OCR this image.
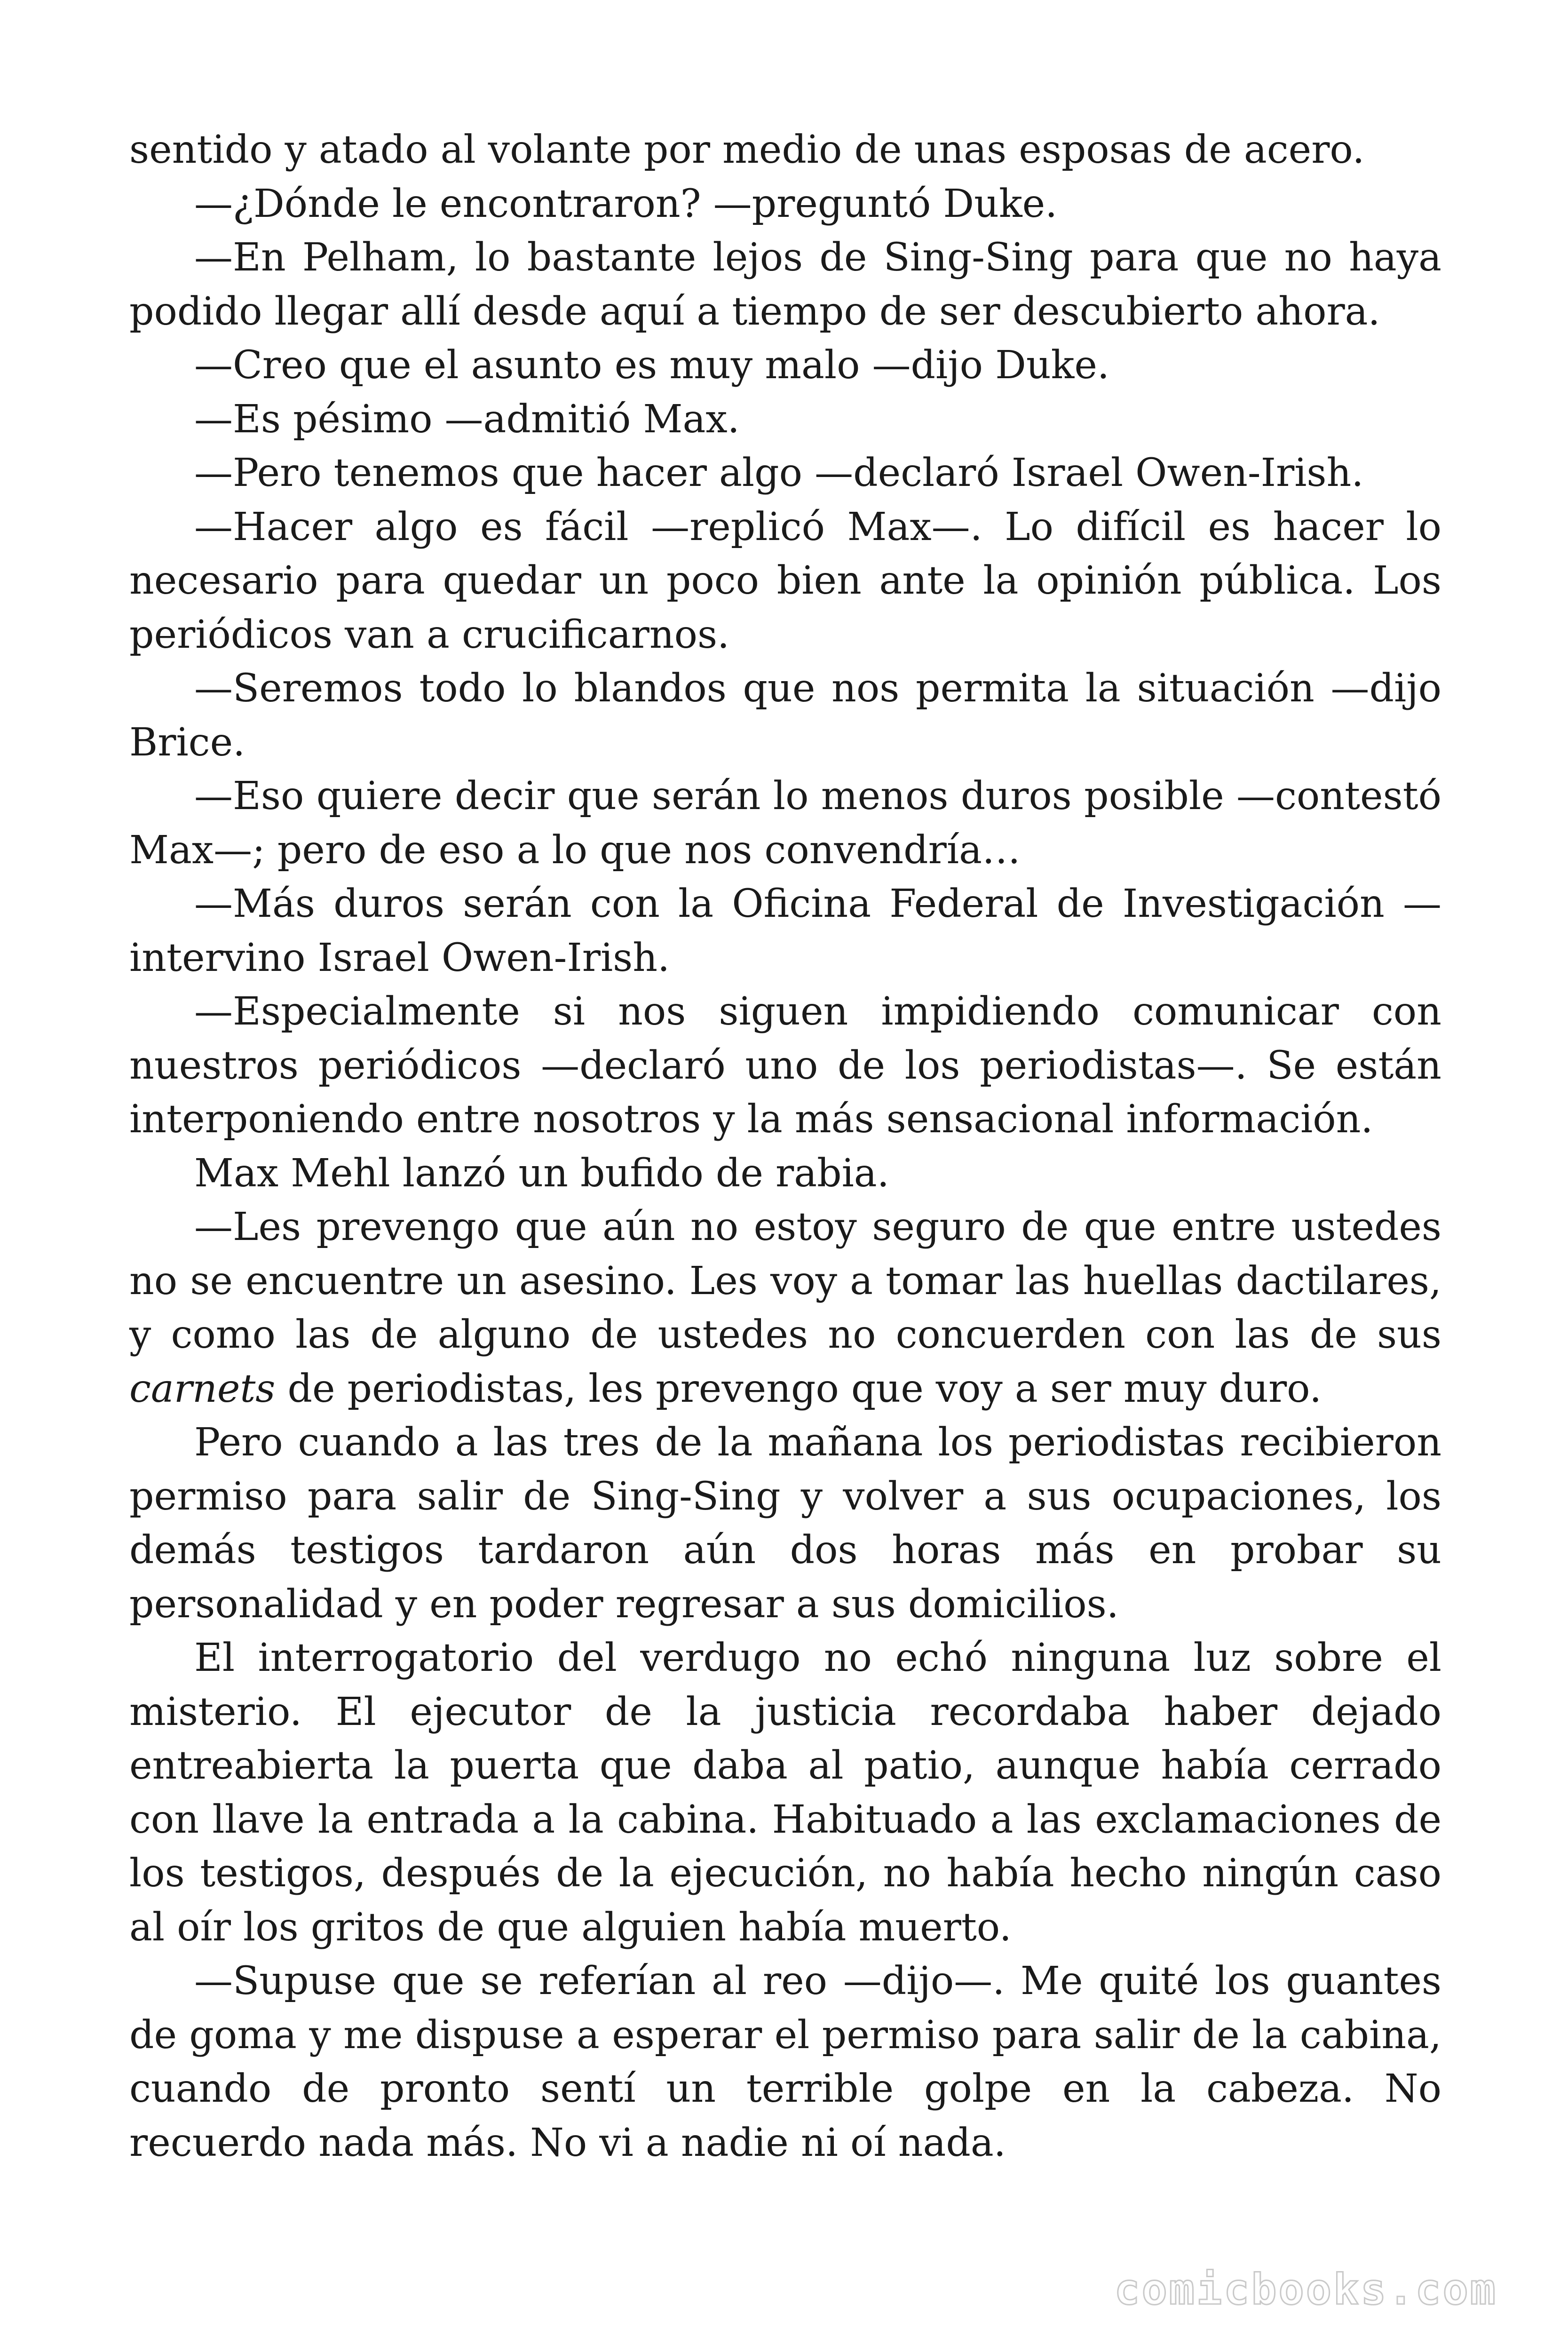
sentido y atado al volante por medio de unas esposas de acero.

—¿Dónde le encontraron? —preguntó Duke.

—En Pelham, lo bastante lejos de Sing-Sing para que no haya podido llegar allí desde aquí a tiempo de ser descubierto ahora.

—Creo que el asunto es muy malo —dijo Duke.

—Es pésimo —admitió Max.

—Pero tenemos que hacer algo —declaró Israel Owen-Irish.

—Hacer algo es fácil —replicó Max—. Lo difícil es hacer lo necesario para quedar un poco bien ante la opinión pública. Los periódicos van a crucificarnos.

—Seremos todo lo blandos que nos permita la situación —dijo Brice.

—Eso quiere decir que serán lo menos duros posible —contestó Max—; pero de eso a lo que nos convendría…

—Más duros serán con la Oficina Federal de Investigación — intervino Israel Owen-Irish.

—Especialmente si nos siguen impidiendo comunicar con nuestros periódicos —declaró uno de los periodistas—. Se están interponiendo entre nosotros y la más sensacional información.

Max Mehl lanzó un bufido de rabia.

—Les prevengo que aún no estoy seguro de que entre ustedes no se encuentre un asesino. Les voy a tomar las huellas dactilares, y como las de alguno de ustedes no concuerden con las de sus carnets de periodistas, les prevengo que voy a ser muy duro.

Pero cuando a las tres de la mañana los periodistas recibieron permiso para salir de Sing-Sing y volver a sus ocupaciones, los demás testigos tardaron aún dos horas más en probar su personalidad y en poder regresar a sus domicilios.

El interrogatorio del verdugo no echó ninguna luz sobre el misterio. El ejecutor de la justicia recordaba haber dejado entreabierta la puerta que daba al patio, aunque había cerrado con llave la entrada a la cabina. Habituado a las exclamaciones de los testigos, después de la ejecución, no había hecho ningún caso al oír los gritos de que alguien había muerto.

—Supuse que se referían al reo —dijo—. Me quité los guantes de goma y me dispuse a esperar el permiso para salir de la cabina, cuando de pronto sentí un terrible golpe en la cabeza. No recuerdo nada más. No vi a nadie ni oí nada.

comicbooks.com
